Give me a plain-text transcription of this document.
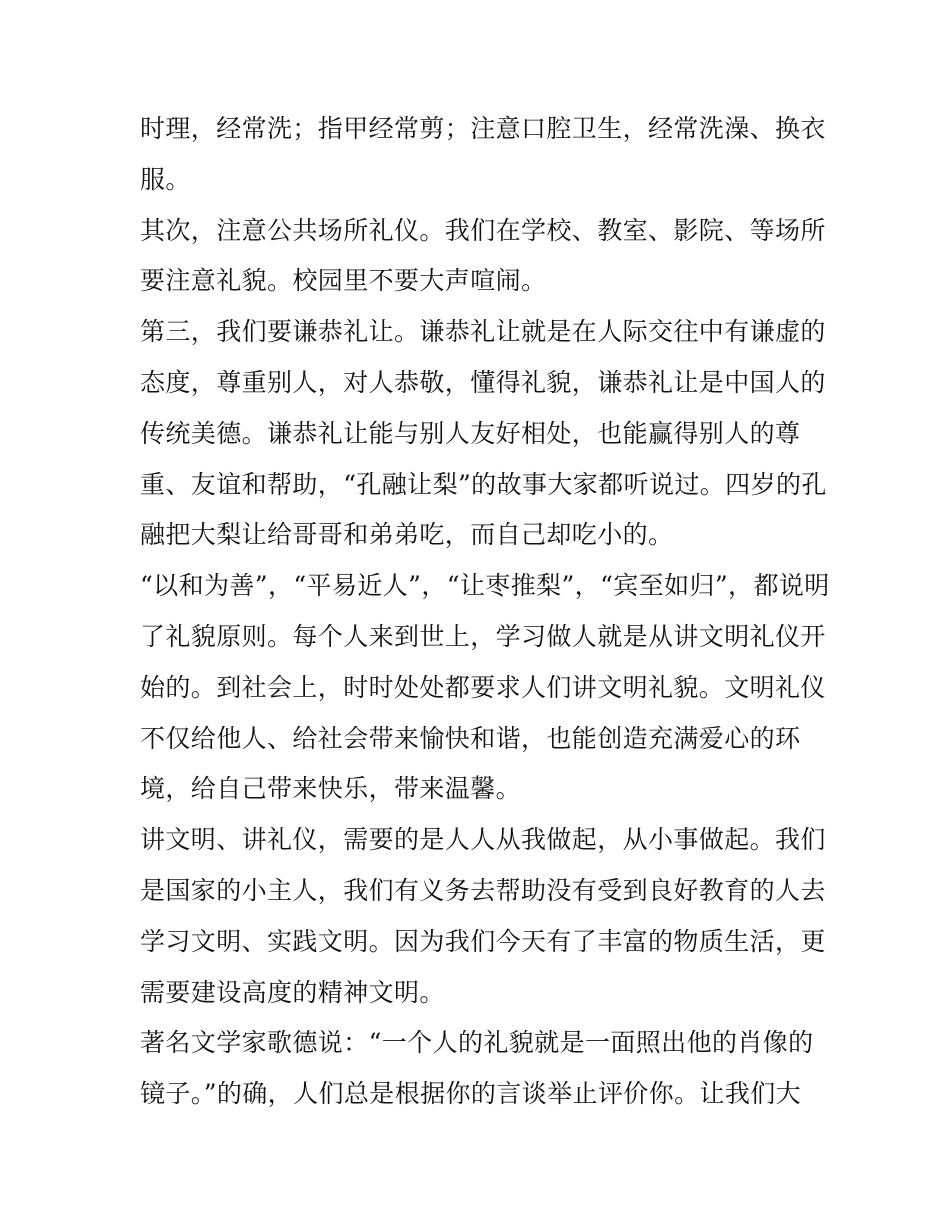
时理，经常洗；指甲经常剪；注意口腔卫生，经常洗澡、换衣
服。
其次，注意公共场所礼仪。我们在学校、教室、影院、等场所
要注意礼貌。校园里不要大声喧闹。
第三，我们要谦恭礼让。谦恭礼让就是在人际交往中有谦虚的
态度，尊重别人，对人恭敬，懂得礼貌，谦恭礼让是中国人的
传统美德。谦恭礼让能与别人友好相处，也能赢得别人的尊
重、友谊和帮助，“孔融让梨”的故事大家都听说过。四岁的孔
融把大梨让给哥哥和弟弟吃，而自己却吃小的。
“以和为善”，“平易近人”，“让枣推梨”，“宾至如归”，都说明
了礼貌原则。每个人来到世上，学习做人就是从讲文明礼仪开
始的。到社会上，时时处处都要求人们讲文明礼貌。文明礼仪
不仅给他人、给社会带来愉快和谐，也能创造充满爱心的环
境，给自己带来快乐，带来温馨。
讲文明、讲礼仪，需要的是人人从我做起，从小事做起。我们
是国家的小主人，我们有义务去帮助没有受到良好教育的人去
学习文明、实践文明。因为我们今天有了丰富的物质生活，更
需要建设高度的精神文明。
著名文学家歌德说：“一个人的礼貌就是一面照出他的肖像的
镜子。”的确，人们总是根据你的言谈举止评价你。让我们大
